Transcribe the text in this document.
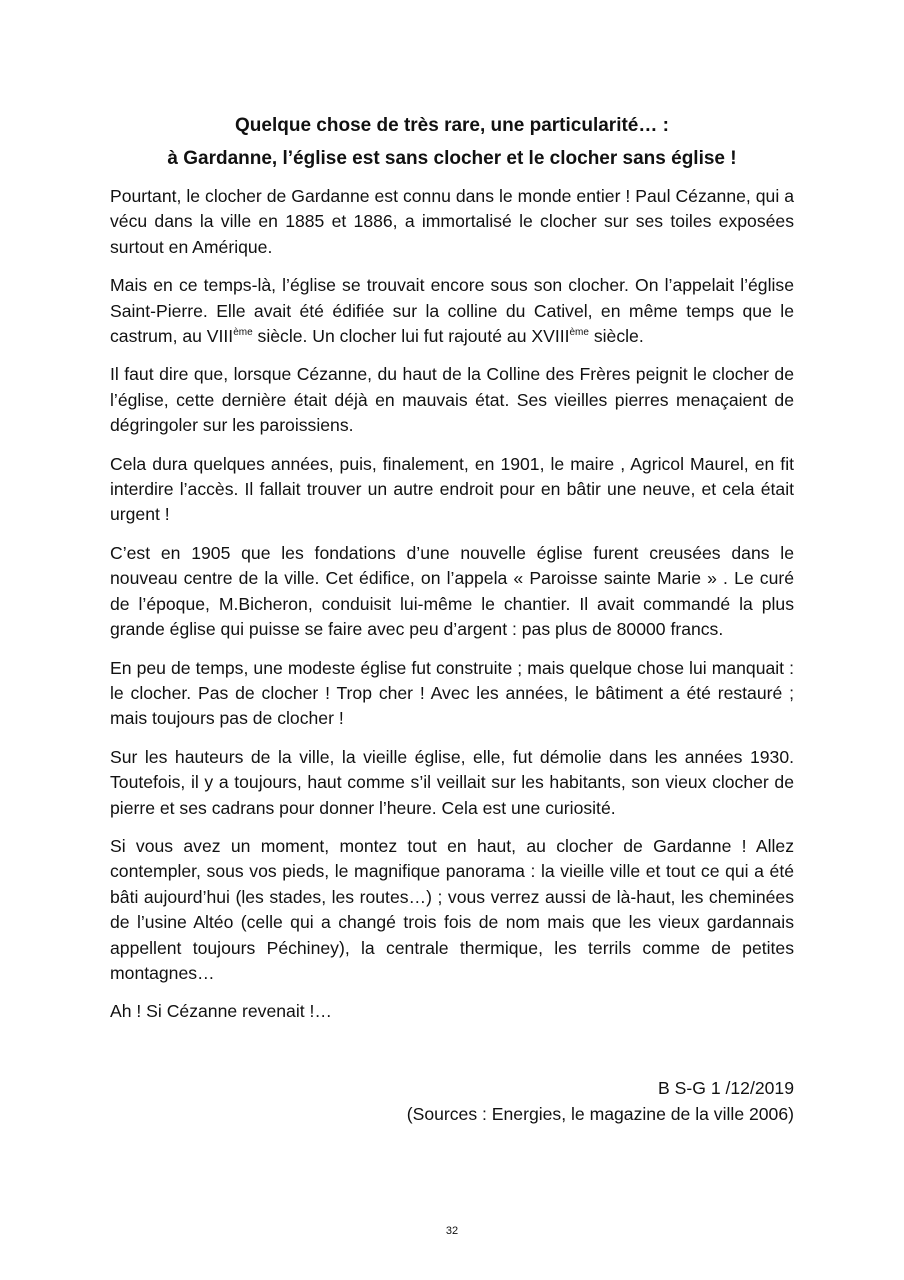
Quelque chose de très rare, une particularité… :
à Gardanne, l’église est sans clocher et le clocher sans église !

Pourtant, le clocher de Gardanne est connu dans le monde entier ! Paul Cézanne, qui a vécu dans la ville en 1885 et 1886, a immortalisé le clocher sur ses toiles exposées surtout en Amérique.

Mais en ce temps-là, l’église se trouvait encore sous son clocher. On l’appelait l’église Saint-Pierre. Elle avait été édifiée sur la colline du Cativel, en même temps que le castrum, au VIIIème siècle. Un clocher lui fut rajouté au XVIIIème siècle.

Il faut dire que, lorsque Cézanne, du haut de la Colline des Frères peignit le clocher de l’église, cette dernière était déjà en mauvais état. Ses vieilles pierres menaçaient de dégringoler sur les paroissiens.

Cela dura quelques années, puis, finalement, en 1901, le maire , Agricol Maurel, en fit interdire l’accès. Il fallait trouver un autre endroit pour en bâtir une neuve, et cela était urgent !

C’est en 1905 que les fondations d’une nouvelle église furent creusées dans le nouveau centre de la ville. Cet édifice, on l’appela « Paroisse sainte Marie » . Le curé de l’époque, M.Bicheron, conduisit lui-même le chantier. Il avait commandé la plus grande église qui puisse se faire avec peu d’argent : pas plus de 80000 francs.

En peu de temps, une modeste église fut construite ; mais quelque chose lui manquait : le clocher. Pas de clocher ! Trop cher ! Avec les années, le bâtiment a été restauré ; mais toujours pas de clocher !

Sur les hauteurs de la ville, la vieille église, elle, fut démolie dans les années 1930. Toutefois, il y a toujours, haut comme s’il veillait sur les habitants, son vieux clocher de pierre et ses cadrans pour donner l’heure. Cela est une curiosité.

Si vous avez un moment, montez tout en haut, au clocher de Gardanne ! Allez contempler, sous vos pieds, le magnifique panorama : la vieille ville et tout ce qui a été bâti aujourd’hui (les stades, les routes…) ; vous verrez aussi de là-haut, les cheminées de l’usine Altéo (celle qui a changé trois fois de nom mais que les vieux gardannais appellent toujours Péchiney), la centrale thermique, les terrils comme de petites montagnes…

Ah ! Si Cézanne revenait !…

B S-G 1 /12/2019

(Sources : Energies, le magazine de la ville 2006)

32
